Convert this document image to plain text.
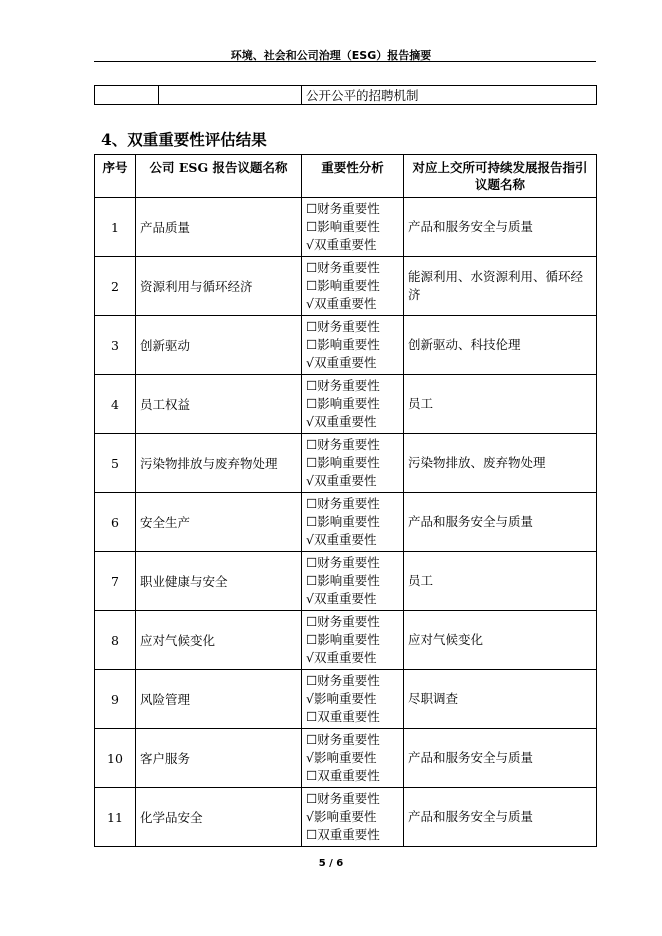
环境、社会和公司治理（ESG）报告摘要
		公开公平的招聘机制
4、双重重要性评估结果
序号	公司 ESG 报告议题名称	重要性分析	对应上交所可持续发展报告指引议题名称
1	产品质量	☐财务重要性
☐影响重要性
√双重重要性	产品和服务安全与质量
2	资源利用与循环经济	☐财务重要性
☐影响重要性
√双重重要性	能源利用、水资源利用、循环经济
3	创新驱动	☐财务重要性
☐影响重要性
√双重重要性	创新驱动、科技伦理
4	员工权益	☐财务重要性
☐影响重要性
√双重重要性	员工
5	污染物排放与废弃物处理	☐财务重要性
☐影响重要性
√双重重要性	污染物排放、废弃物处理
6	安全生产	☐财务重要性
☐影响重要性
√双重重要性	产品和服务安全与质量
7	职业健康与安全	☐财务重要性
☐影响重要性
√双重重要性	员工
8	应对气候变化	☐财务重要性
☐影响重要性
√双重重要性	应对气候变化
9	风险管理	☐财务重要性
√影响重要性
☐双重重要性	尽职调查
10	客户服务	☐财务重要性
√影响重要性
☐双重重要性	产品和服务安全与质量
11	化学品安全	☐财务重要性
√影响重要性
☐双重重要性	产品和服务安全与质量
5 / 6
